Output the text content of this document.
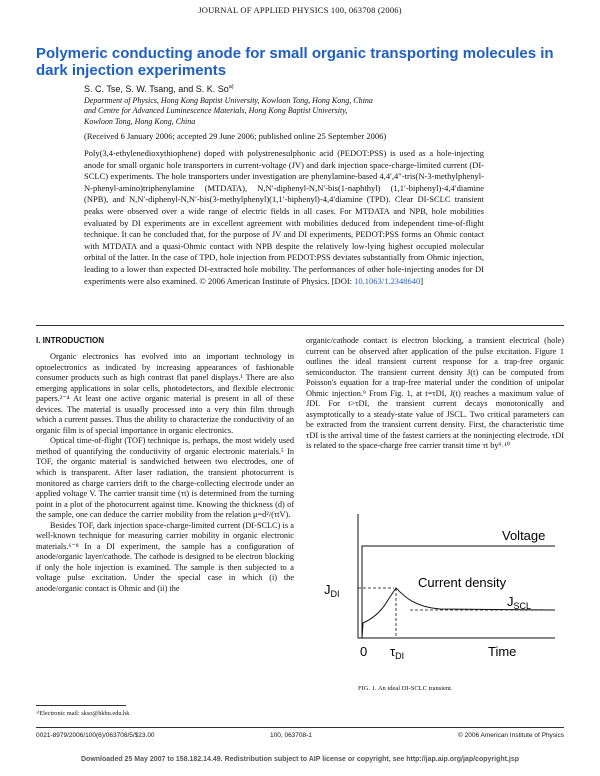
JOURNAL OF APPLIED PHYSICS 100, 063708 (2006)
Polymeric conducting anode for small organic transporting molecules in dark injection experiments
S. C. Tse, S. W. Tsang, and S. K. So$^{a)}$
Department of Physics, Hong Kong Baptist University, Kowloon Tong, Hong Kong, China
and Centre for Advanced Luminescence Materials, Hong Kong Baptist University,
Kowloon Tong, Hong Kong, China
(Received 6 January 2006; accepted 29 June 2006; published online 25 September 2006)
Poly(3,4-ethylenedioxythiophene) doped with polystrenesulphonic acid (PEDOT:PSS) is used as a hole-injecting anode for small organic hole transporters in current-voltage (JV) and dark injection space-charge-limited current (DI-SCLC) experiments. The hole transporters under investigation are phenylamine-based 4,4′,4″-tris(N-3-methylphenyl-N-phenyl-amino)triphenylamine (MTDATA), N,N′-diphenyl-N,N′-bis(1-naphthyl) (1,1′-biphenyl)-4,4′diamine (NPB), and N,N′-diphenyl-N,N′-bis(3-methylphenyl)(1,1′-biphenyl)-4,4′diamine (TPD). Clear DI-SCLC transient peaks were observed over a wide range of electric fields in all cases. For MTDATA and NPB, hole mobilities evaluated by DI experiments are in excellent agreement with mobilities deduced from independent time-of-flight technique. It can be concluded that, for the purpose of JV and DI experiments, PEDOT:PSS forms an Ohmic contact with MTDATA and a quasi-Ohmic contact with NPB despite the relatively low-lying highest occupied molecular orbital of the latter. In the case of TPD, hole injection from PEDOT:PSS deviates substantially from Ohmic injection, leading to a lower than expected DI-extracted hole mobility. The performances of other hole-injecting anodes for DI experiments were also examined. © 2006 American Institute of Physics. [DOI: 10.1063/1.2348640]
I. INTRODUCTION

Organic electronics has evolved into an important technology in optoelectronics as indicated by increasing appearances of fashionable consumer products such as high contrast flat panel displays.¹ There are also emerging applications in solar cells, photodetectors, and flexible electronic papers.²⁻⁴ At least one active organic material is present in all of these devices. The material is usually processed into a very thin film through which a current passes. Thus the ability to characterize the conductivity of an organic film is of special importance in organic electronics.

Optical time-of-flight (TOF) technique is, perhaps, the most widely used method of quantifying the conductivity of organic electronic materials.⁵ In TOF, the organic material is sandwiched between two electrodes, one of which is transparent. After laser radiation, the transient photocurrent is monitored as charge carriers drift to the charge-collecting electrode under an applied voltage V. The carrier transit time (τt) is determined from the turning point in a plot of the photocurrent against time. Knowing the thickness (d) of the sample, one can deduce the carrier mobility from the relation μ=d²/(τtV).

Besides TOF, dark injection space-charge-limited current (DI-SCLC) is a well-known technique for measuring carrier mobility in organic electronic materials.⁶⁻⁸ In a DI experiment, the sample has a configuration of anode/organic layer/cathode. The cathode is designed to be electron blocking if only the hole injection is examined. The sample is then subjected to a voltage pulse excitation. Under the special case in which (i) the anode/organic contact is Ohmic and (ii) the

organic/cathode contact is electron blocking, a transient electrical (hole) current can be observed after application of the pulse excitation. Figure 1 outlines the ideal transient current response for a trap-free organic semiconductor. The transient current density J(t) can be computed from Poisson's equation for a trap-free material under the condition of unipolar Ohmic injection.⁹ From Fig. 1, at t=τDI, J(t) reaches a maximum value of JDI. For t>τDI, the transient current decays monotonically and asymptotically to a steady-state value of JSCL. Two critical parameters can be extracted from the transient current density. First, the characteristic time τDI is the arrival time of the fastest carriers at the noninjecting electrode. τDI is related to the space-charge free carrier transit time τt by⁹˒¹⁰

Voltage
Current density
$J_{DI}$	$J_{SCL}$
0 $\tau_{DI}$	Time
FIG. 1. An ideal DI-SCLC transient.
ᵃ⁾Electronic mail: skso@hkbu.edu.hk
0021-8979/2006/100(6)/063708/5/$23.00	100, 063708-1	© 2006 American Institute of Physics
Downloaded 25 May 2007 to 158.182.14.49. Redistribution subject to AIP license or copyright, see http://jap.aip.org/jap/copyright.jsp
